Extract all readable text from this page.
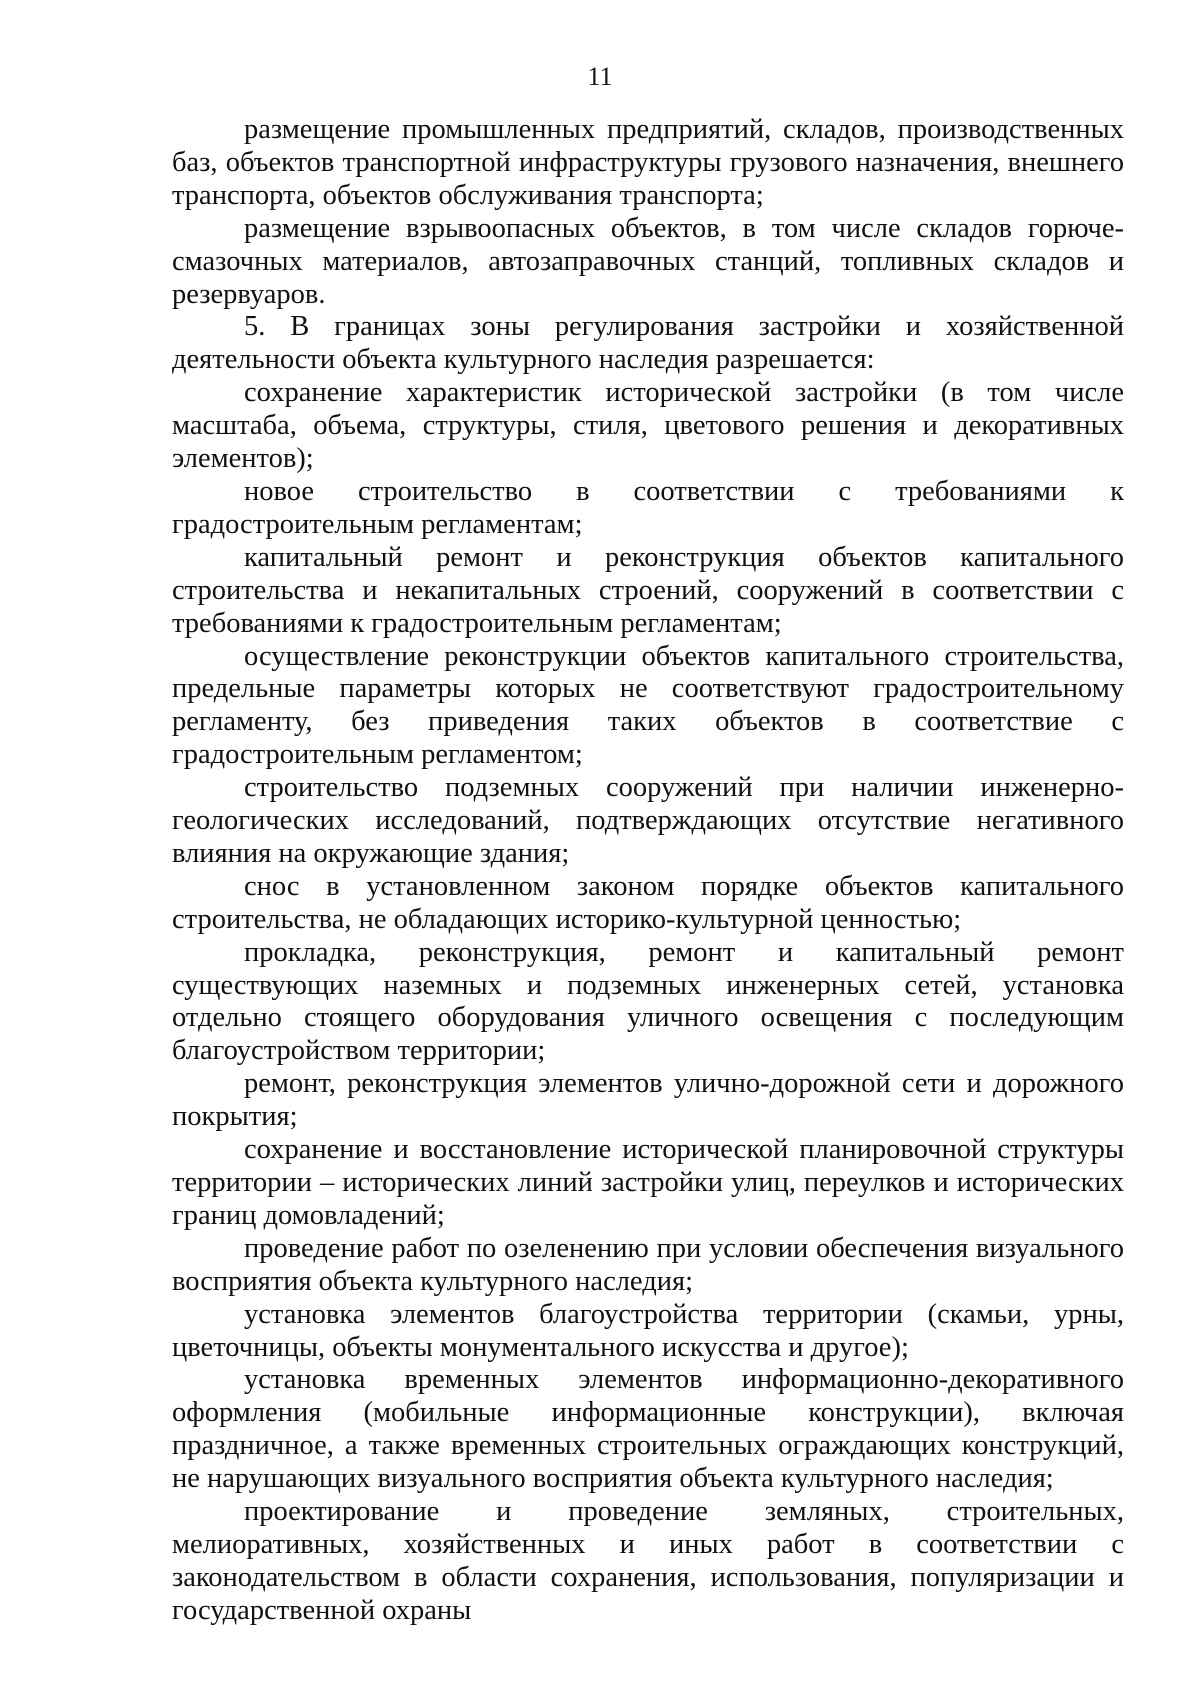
11

размещение промышленных предприятий, складов, производственных баз, объектов транспортной инфраструктуры грузового назначения, внешнего транспорта, объектов обслуживания транспорта;

размещение взрывоопасных объектов, в том числе складов горюче-смазочных материалов, автозаправочных станций, топливных складов и резервуаров.

5. В границах зоны регулирования застройки и хозяйственной деятельности объекта культурного наследия разрешается:

сохранение характеристик исторической застройки (в том числе масштаба, объема, структуры, стиля, цветового решения и декоративных элементов);

новое строительство в соответствии с требованиями к градостроительным регламентам;

капитальный ремонт и реконструкция объектов капитального строительства и некапитальных строений, сооружений в соответствии с требованиями к градостроительным регламентам;

осуществление реконструкции объектов капитального строительства, предельные параметры которых не соответствуют градостроительному регламенту, без приведения таких объектов в соответствие с градостроительным регламентом;

строительство подземных сооружений при наличии инженерно-геологических исследований, подтверждающих отсутствие негативного влияния на окружающие здания;

снос в установленном законом порядке объектов капитального строительства, не обладающих историко-культурной ценностью;

прокладка, реконструкция, ремонт и капитальный ремонт существующих наземных и подземных инженерных сетей, установка отдельно стоящего оборудования уличного освещения с последующим благоустройством территории;

ремонт, реконструкция элементов улично-дорожной сети и дорожного покрытия;

сохранение и восстановление исторической планировочной структуры территории – исторических линий застройки улиц, переулков и исторических границ домовладений;

проведение работ по озеленению при условии обеспечения визуального восприятия объекта культурного наследия;

установка элементов благоустройства территории (скамьи, урны, цветочницы, объекты монументального искусства и другое);

установка временных элементов информационно-декоративного оформления (мобильные информационные конструкции), включая праздничное, а также временных строительных ограждающих конструкций, не нарушающих визуального восприятия объекта культурного наследия;

проектирование и проведение земляных, строительных, мелиоративных, хозяйственных и иных работ в соответствии с законодательством в области сохранения, использования, популяризации и государственной охраны
